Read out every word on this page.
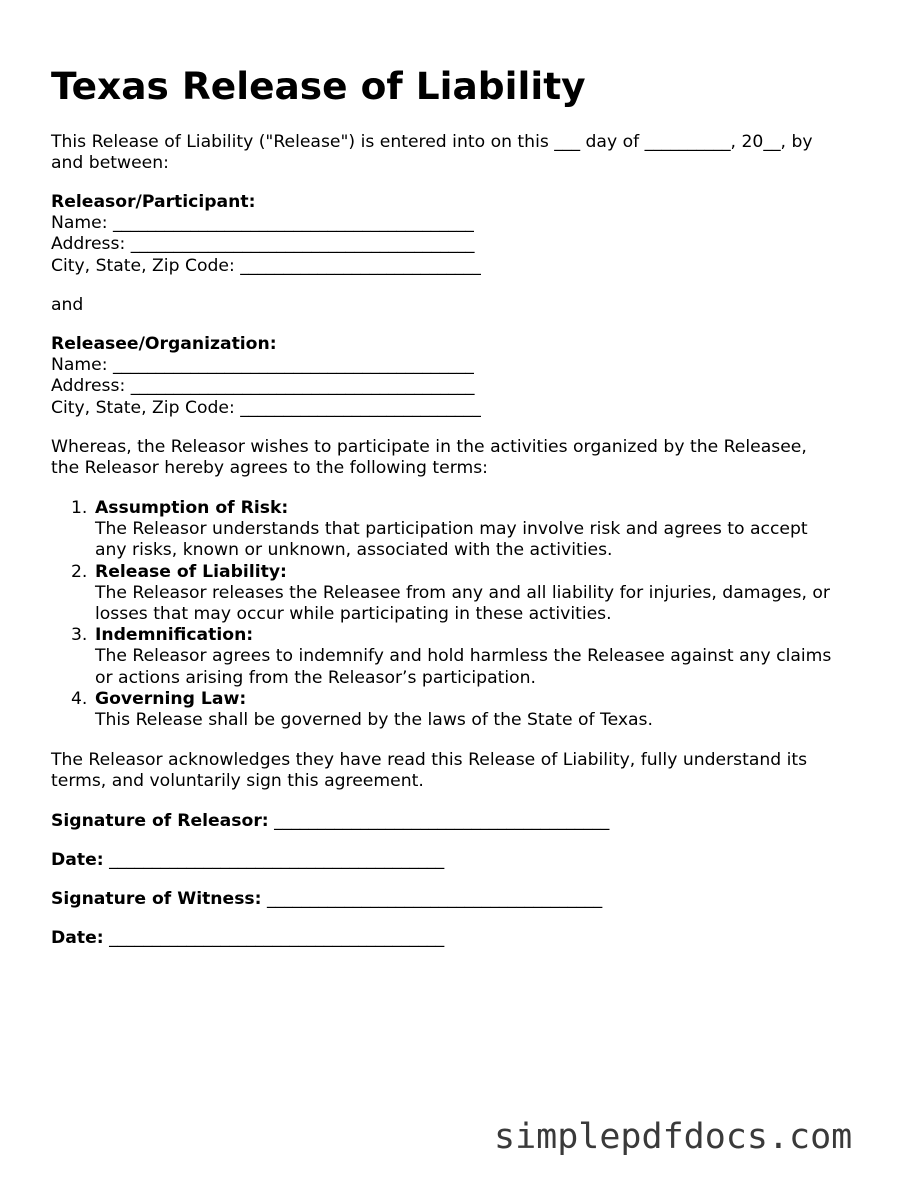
Texas Release of Liability
This Release of Liability ("Release") is entered into on this ___ day of __________, 20__, by
and between:
Releasor/Participant:
Name: __________________________________________
Address: ________________________________________
City, State, Zip Code: ____________________________
and
Releasee/Organization:
Name: __________________________________________
Address: ________________________________________
City, State, Zip Code: ____________________________
Whereas, the Releasor wishes to participate in the activities organized by the Releasee,
the Releasor hereby agrees to the following terms:
1. Assumption of Risk:
The Releasor understands that participation may involve risk and agrees to accept
any risks, known or unknown, associated with the activities.
2. Release of Liability:
The Releasor releases the Releasee from any and all liability for injuries, damages, or
losses that may occur while participating in these activities.
3. Indemnification:
The Releasor agrees to indemnify and hold harmless the Releasee against any claims
or actions arising from the Releasor’s participation.
4. Governing Law:
This Release shall be governed by the laws of the State of Texas.
The Releasor acknowledges they have read this Release of Liability, fully understand its
terms, and voluntarily sign this agreement.
Signature of Releasor: _______________________________________
Date: _______________________________________
Signature of Witness: _______________________________________
Date: _______________________________________
simplepdfdocs.com
